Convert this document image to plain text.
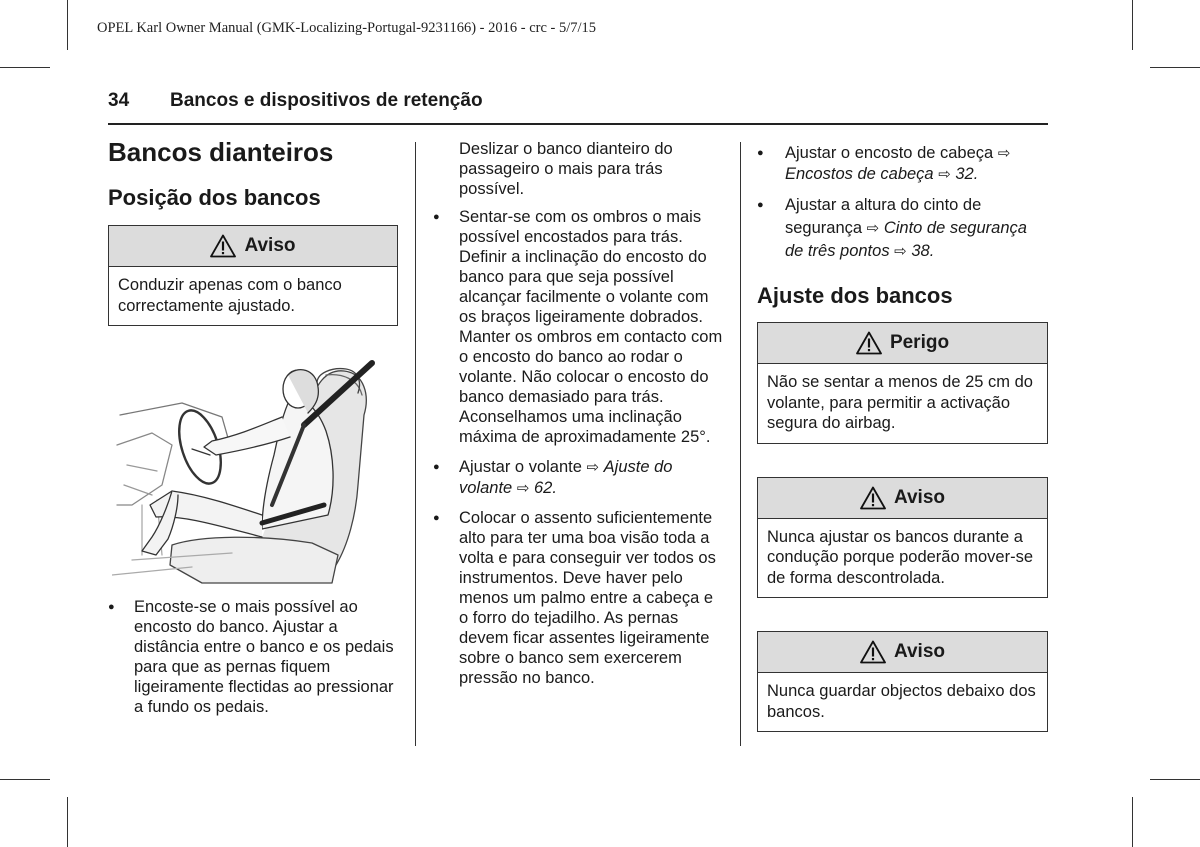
OPEL Karl Owner Manual (GMK-Localizing-Portugal-9231166) - 2016 - crc - 5/7/15
34 Bancos e dispositivos de retenção
Bancos dianteiros
Posição dos bancos
Aviso
Conduzir apenas com o banco correctamente ajustado.

● Encoste-se o mais possível ao encosto do banco. Ajustar a distância entre o banco e os pedais para que as pernas fiquem ligeiramente flectidas ao pressionar a fundo os pedais.

Deslizar o banco dianteiro do passageiro o mais para trás possível.

● Sentar-se com os ombros o mais possível encostados para trás. Definir a inclinação do encosto do banco para que seja possível alcançar facilmente o volante com os braços ligeiramente dobrados. Manter os ombros em contacto com o encosto do banco ao rodar o volante. Não colocar o encosto do banco demasiado para trás. Aconselhamos uma inclinação máxima de aproximadamente 25°.

● Ajustar o volante ⇨ Ajuste do volante ⇨ 62.

● Colocar o assento suficientemente alto para ter uma boa visão toda a volta e para conseguir ver todos os instrumentos. Deve haver pelo menos um palmo entre a cabeça e o forro do tejadilho. As pernas devem ficar assentes ligeiramente sobre o banco sem exercerem pressão no banco.

● Ajustar o encosto de cabeça ⇨ Encostos de cabeça ⇨ 32.

● Ajustar a altura do cinto de segurança ⇨ Cinto de segurança de três pontos ⇨ 38.

Ajuste dos bancos
Perigo
Não se sentar a menos de 25 cm do volante, para permitir a activação segura do airbag.
Aviso
Nunca ajustar os bancos durante a condução porque poderão mover-se de forma descontrolada.
Aviso
Nunca guardar objectos debaixo dos bancos.
